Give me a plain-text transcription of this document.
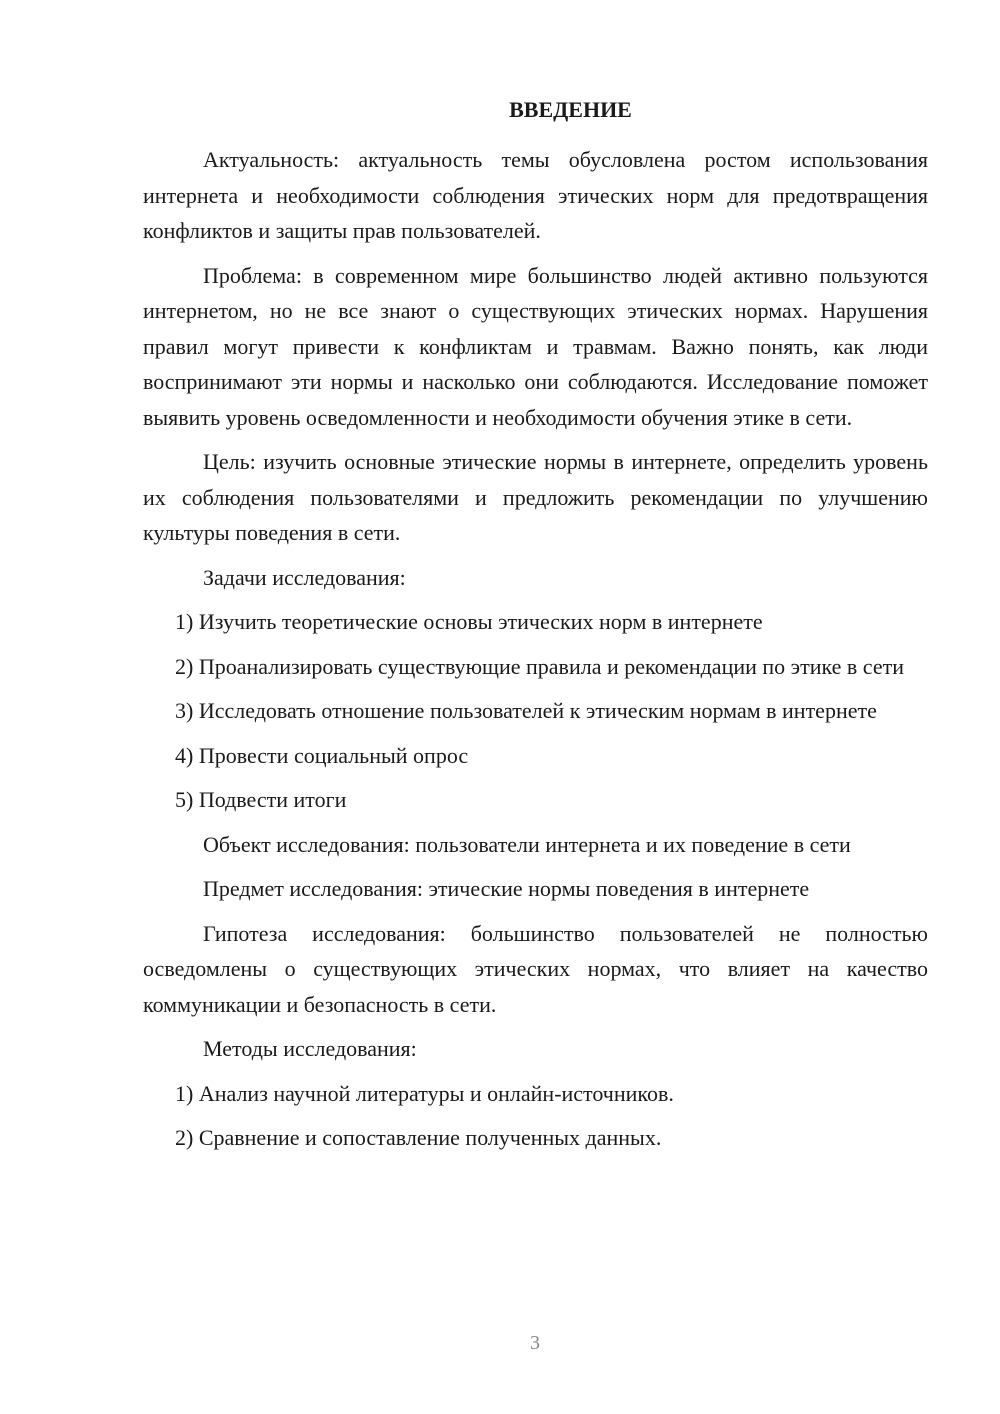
ВВЕДЕНИЕ

Актуальность: актуальность темы обусловлена ростом использования интернета и необходимости соблюдения этических норм для предотвращения конфликтов и защиты прав пользователей.

Проблема: в современном мире большинство людей активно пользуются интернетом, но не все знают о существующих этических нормах. Нарушения правил могут привести к конфликтам и травмам. Важно понять, как люди воспринимают эти нормы и насколько они соблюдаются. Исследование поможет выявить уровень осведомленности и необходимости обучения этике в сети.

Цель: изучить основные этические нормы в интернете, определить уровень их соблюдения пользователями и предложить рекомендации по улучшению культуры поведения в сети.

Задачи исследования:

1) Изучить теоретические основы этических норм в интернете

2) Проанализировать существующие правила и рекомендации по этике в сети

3) Исследовать отношение пользователей к этическим нормам в интернете

4) Провести социальный опрос

5) Подвести итоги

Объект исследования: пользователи интернета и их поведение в сети

Предмет исследования: этические нормы поведения в интернете

Гипотеза исследования: большинство пользователей не полностью осведомлены о существующих этических нормах, что влияет на качество коммуникации и безопасность в сети.

Методы исследования:

1) Анализ научной литературы и онлайн-источников.

2) Сравнение и сопоставление полученных данных.

3
